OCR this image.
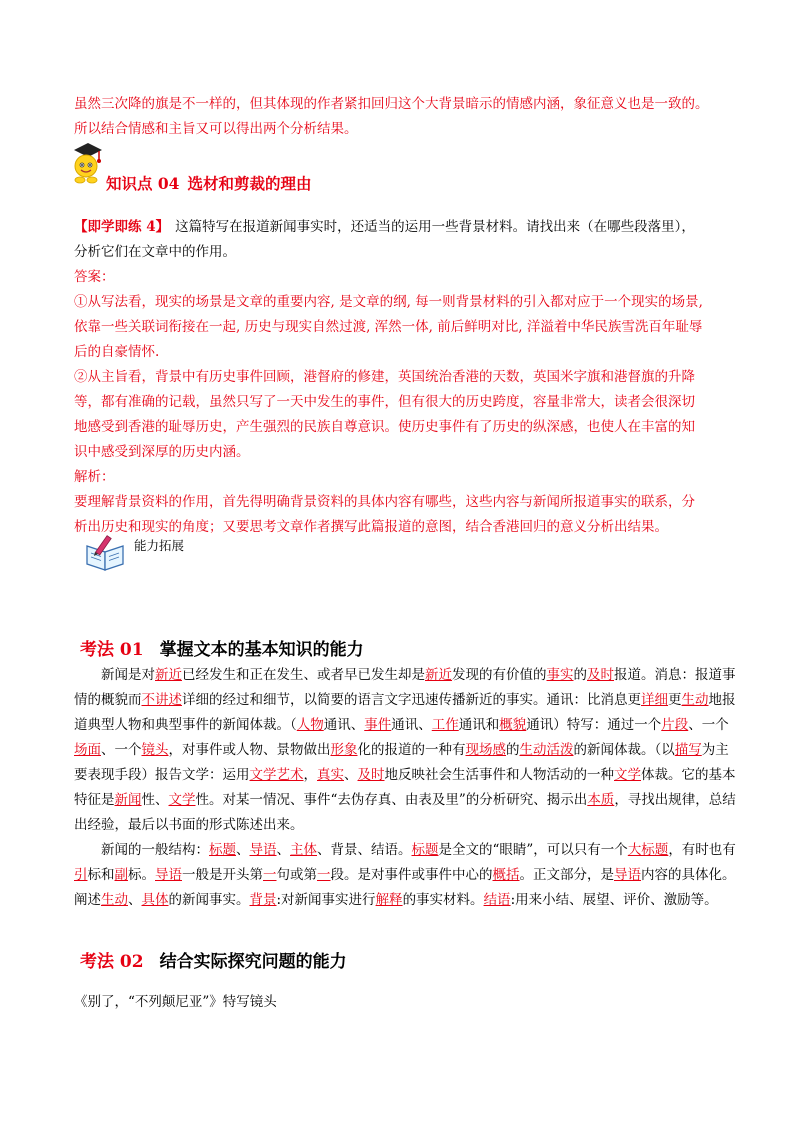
虽然三次降的旗是不一样的，但其体现的作者紧扣回归这个大背景暗示的情感内涵，象征意义也是一致的。
所以结合情感和主旨又可以得出两个分析结果。
知识点 04 选材和剪裁的理由
【即学即练 4】 这篇特写在报道新闻事实时，还适当的运用一些背景材料。请找出来（在哪些段落里），
分析它们在文章中的作用。
答案：
①从写法看，现实的场景是文章的重要内容, 是文章的纲, 每一则背景材料的引入都对应于一个现实的场景,
依靠一些关联词衔接在一起, 历史与现实自然过渡, 浑然一体, 前后鲜明对比, 洋溢着中华民族雪洗百年耻辱
后的自豪情怀.
②从主旨看，背景中有历史事件回顾，港督府的修建，英国统治香港的天数，英国米字旗和港督旗的升降
等，都有准确的记载，虽然只写了一天中发生的事件，但有很大的历史跨度，容量非常大，读者会很深切
地感受到香港的耻辱历史，产生强烈的民族自尊意识。使历史事件有了历史的纵深感，也使人在丰富的知
识中感受到深厚的历史内涵。
解析：
要理解背景资料的作用，首先得明确背景资料的具体内容有哪些，这些内容与新闻所报道事实的联系，分
析出历史和现实的角度；又要思考文章作者撰写此篇报道的意图，结合香港回归的意义分析出结果。
能力拓展
考法 01 掌握文本的基本知识的能力

新闻是对新近已经发生和正在发生、或者早已发生却是新近发现的有价值的事实的及时报道。消息：报道事情的概貌而不讲述详细的经过和细节，以简要的语言文字迅速传播新近的事实。通讯：比消息更详细更生动地报道典型人物和典型事件的新闻体裁。（人物通讯、事件通讯、工作通讯和概貌通讯）特写：通过一个片段、一个场面、一个镜头，对事件或人物、景物做出形象化的报道的一种有现场感的生动活泼的新闻体裁。（以描写为主要表现手段）报告文学：运用文学艺术，真实、及时地反映社会生活事件和人物活动的一种文学体裁。它的基本特征是新闻性、文学性。对某一情况、事件“去伪存真、由表及里”的分析研究、揭示出本质，寻找出规律，总结出经验，最后以书面的形式陈述出来。

新闻的一般结构：标题、导语、主体、背景、结语。标题是全文的“眼睛”，可以只有一个大标题，有时也有引标和副标。导语一般是开头第一句或第一段。是对事件或事件中心的概括。正文部分，是导语内容的具体化。阐述生动、具体的新闻事实。背景:对新闻事实进行解释的事实材料。结语:用来小结、展望、评价、激励等。

考法 02 结合实际探究问题的能力
《别了，“不列颠尼亚”》特写镜头
